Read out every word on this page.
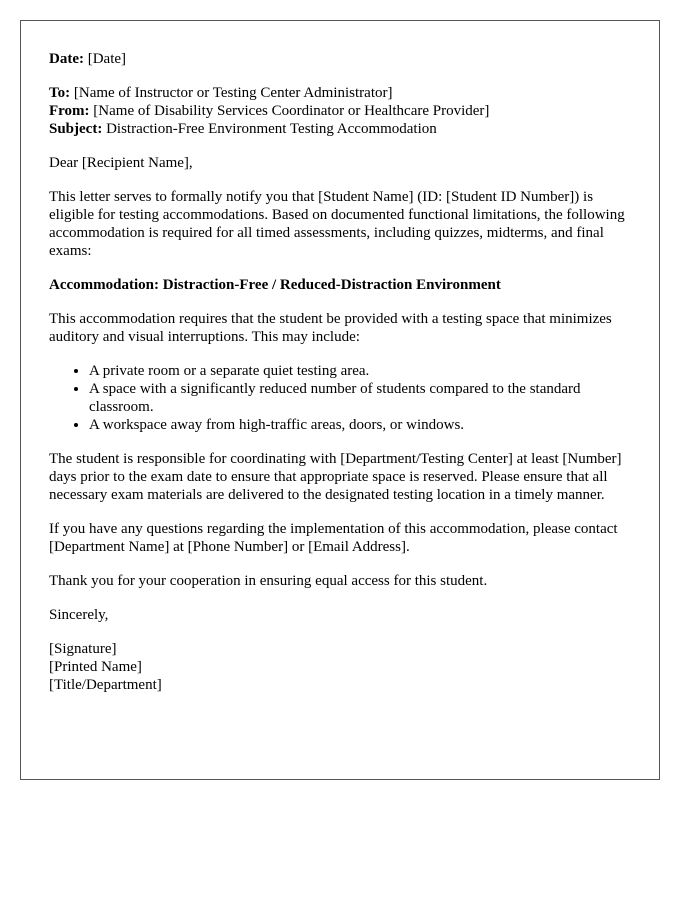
Date: [Date]

To: [Name of Instructor or Testing Center Administrator]

From: [Name of Disability Services Coordinator or Healthcare Provider]

Subject: Distraction-Free Environment Testing Accommodation

Dear [Recipient Name],

This letter serves to formally notify you that [Student Name] (ID: [Student ID Number]) is eligible for testing accommodations. Based on documented functional limitations, the following accommodation is required for all timed assessments, including quizzes, midterms, and final exams:

Accommodation: Distraction-Free / Reduced-Distraction Environment

This accommodation requires that the student be provided with a testing space that minimizes auditory and visual interruptions. This may include:

• A private room or a separate quiet testing area.
• A space with a significantly reduced number of students compared to the standard classroom.
• A workspace away from high-traffic areas, doors, or windows.

The student is responsible for coordinating with [Department/Testing Center] at least [Number] days prior to the exam date to ensure that appropriate space is reserved. Please ensure that all necessary exam materials are delivered to the designated testing location in a timely manner.

If you have any questions regarding the implementation of this accommodation, please contact [Department Name] at [Phone Number] or [Email Address].

Thank you for your cooperation in ensuring equal access for this student.

Sincerely,

[Signature]
[Printed Name]
[Title/Department]
